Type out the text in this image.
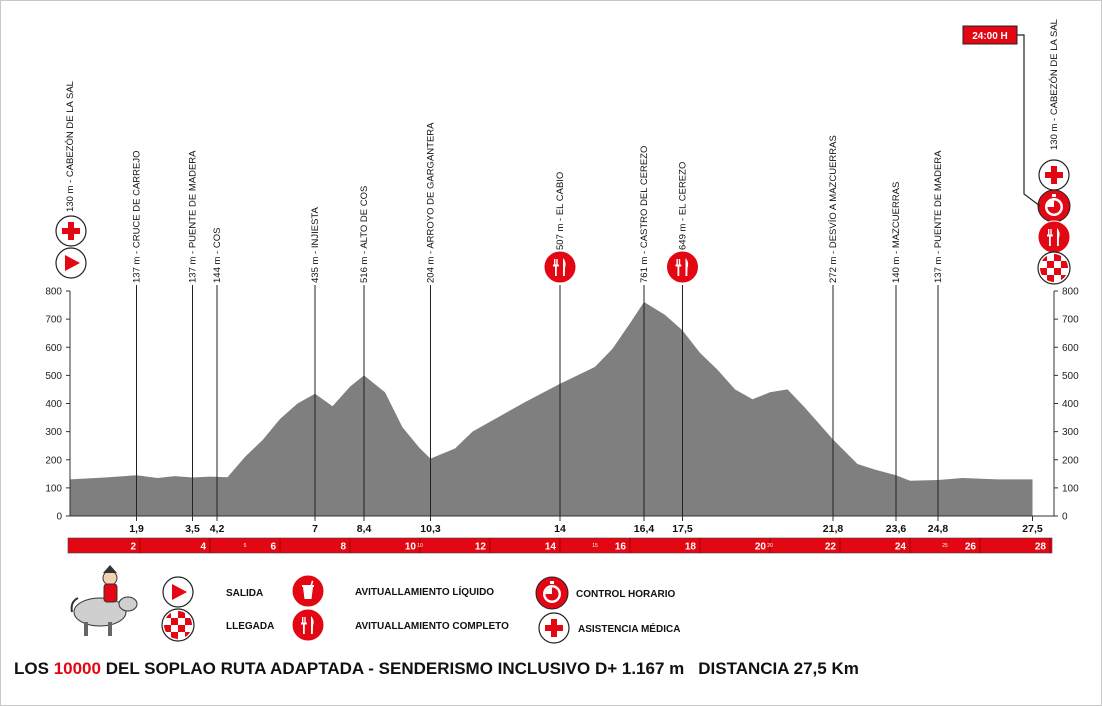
0	0
100	100
200	200
300	300
400	400
500	500
600	600
700	700
800	800
1,9	3,5 4,2	7	8,4	10,3	14	16,4 17,5	21,8	23,6 24,8	27,5
130 m - CABEZÓN DE LA SAL
137 m - CRUCE DE CARREJO	137 m - PUENTE DE MADERA 144 m - COS	435 m - INJIESTA	516 m - ALTO DE COS	204 m - ARROYO DE GARGANTERA	507 m - EL CABIO	761 m - CASTRO DEL CEREZO	649 m - EL CEREZO	272 m - DESVÍO A MAZCUERRAS	140 m - MAZCUERRAS	137 m - PUENTE DE MADERA
130 m - CABEZÓN DE LA SAL
2	4	6	8	10	12	14	16	18	20	22	24	26	28
5	10	15	20	25
24:00 H
SALIDA
LLEGADA
AVITUALLAMIENTO LÍQUIDO
AVITUALLAMIENTO COMPLETO
CONTROL HORARIO
ASISTENCIA MÉDICA
LOS 10000 DEL SOPLAO RUTA ADAPTADA - SENDERISMO INCLUSIVO D+ 1.167 m DISTANCIA 27,5 Km
